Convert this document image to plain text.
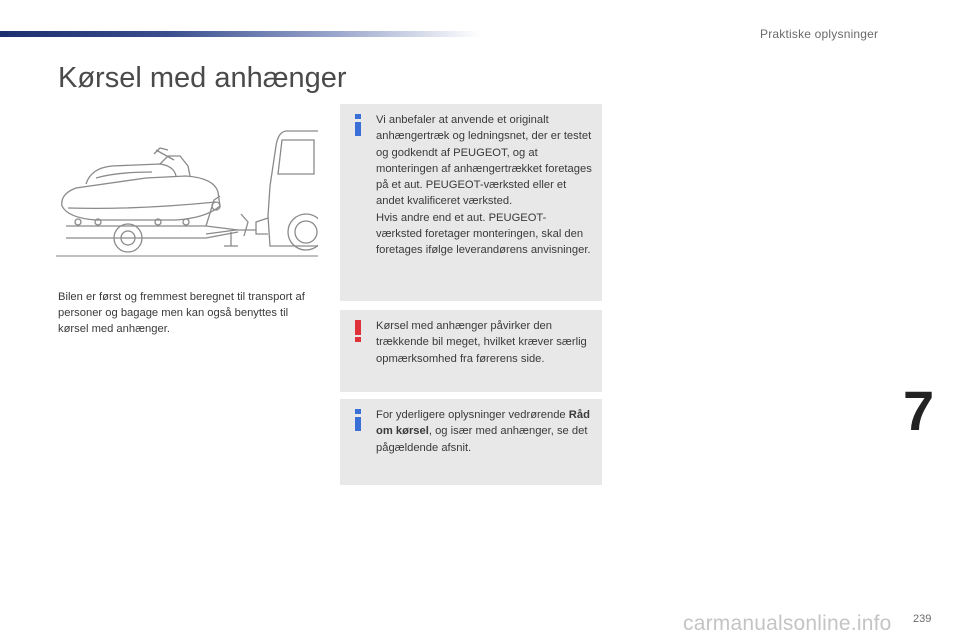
Praktiske oplysninger
Kørsel med anhænger
Bilen er først og fremmest beregnet til transport af personer og bagage men kan også benyttes til kørsel med anhænger.

Vi anbefaler at anvende et originalt anhængertræk og ledningsnet, der er testet og godkendt af PEUGEOT, og at monteringen af anhængertrækket foretages på et aut. PEUGEOT-værksted eller et andet kvalificeret værksted.

Hvis andre end et aut. PEUGEOT-værksted foretager monteringen, skal den foretages ifølge leverandørens anvisninger.

Kørsel med anhænger påvirker den trækkende bil meget, hvilket kræver særlig opmærksomhed fra førerens side.

For yderligere oplysninger vedrørende Råd om kørsel, og især med anhænger, se det pågældende afsnit.

7
239
carmanualsonline.info
